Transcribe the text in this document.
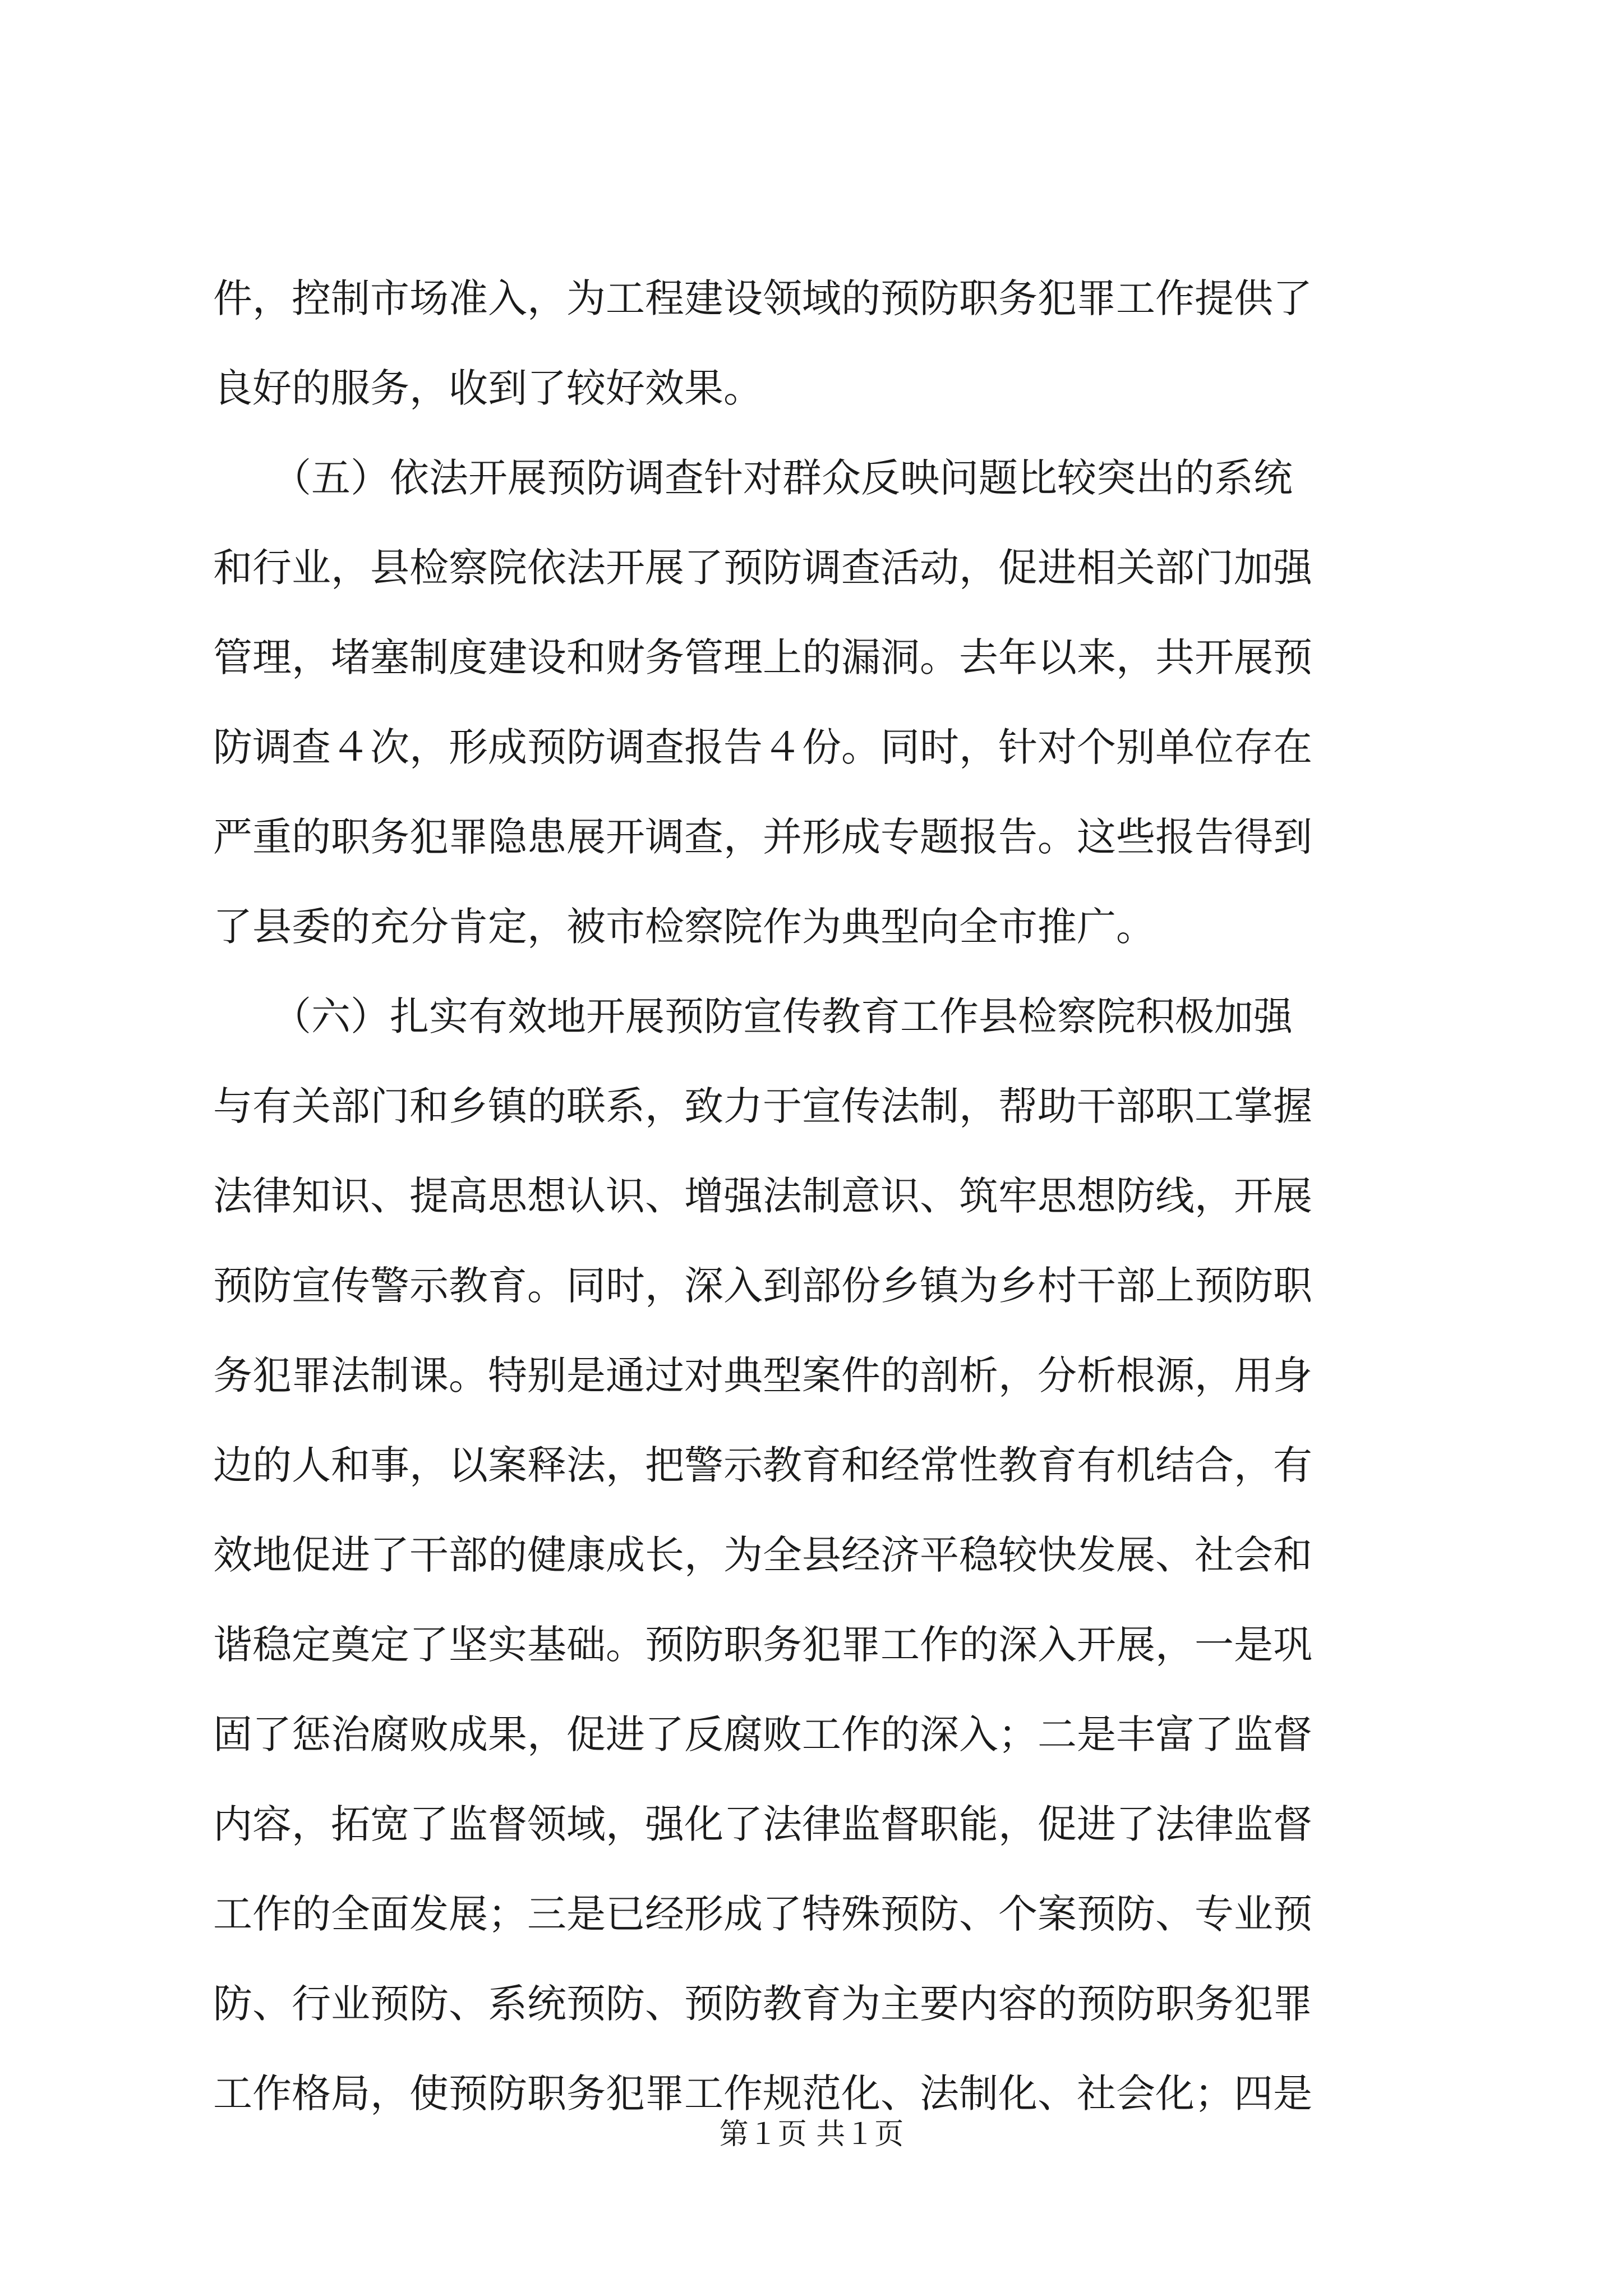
件，控制市场准入，为工程建设领域的预防职务犯罪工作提供了
良好的服务，收到了较好效果。
　　（五）依法开展预防调查针对群众反映问题比较突出的系统
和行业，县检察院依法开展了预防调查活动，促进相关部门加强
管理，堵塞制度建设和财务管理上的漏洞。去年以来，共开展预
防调查４次，形成预防调查报告４份。同时，针对个别单位存在
严重的职务犯罪隐患展开调查，并形成专题报告。这些报告得到
了县委的充分肯定，被市检察院作为典型向全市推广。
　　（六）扎实有效地开展预防宣传教育工作县检察院积极加强
与有关部门和乡镇的联系，致力于宣传法制，帮助干部职工掌握
法律知识、提高思想认识、增强法制意识、筑牢思想防线，开展
预防宣传警示教育。同时，深入到部份乡镇为乡村干部上预防职
务犯罪法制课。特别是通过对典型案件的剖析，分析根源，用身
边的人和事，以案释法，把警示教育和经常性教育有机结合，有
效地促进了干部的健康成长，为全县经济平稳较快发展、社会和
谐稳定奠定了坚实基础。预防职务犯罪工作的深入开展，一是巩
固了惩治腐败成果，促进了反腐败工作的深入；二是丰富了监督
内容，拓宽了监督领域，强化了法律监督职能，促进了法律监督
工作的全面发展；三是已经形成了特殊预防、个案预防、专业预
防、行业预防、系统预防、预防教育为主要内容的预防职务犯罪
工作格局，使预防职务犯罪工作规范化、法制化、社会化；四是
第１页 共１页
